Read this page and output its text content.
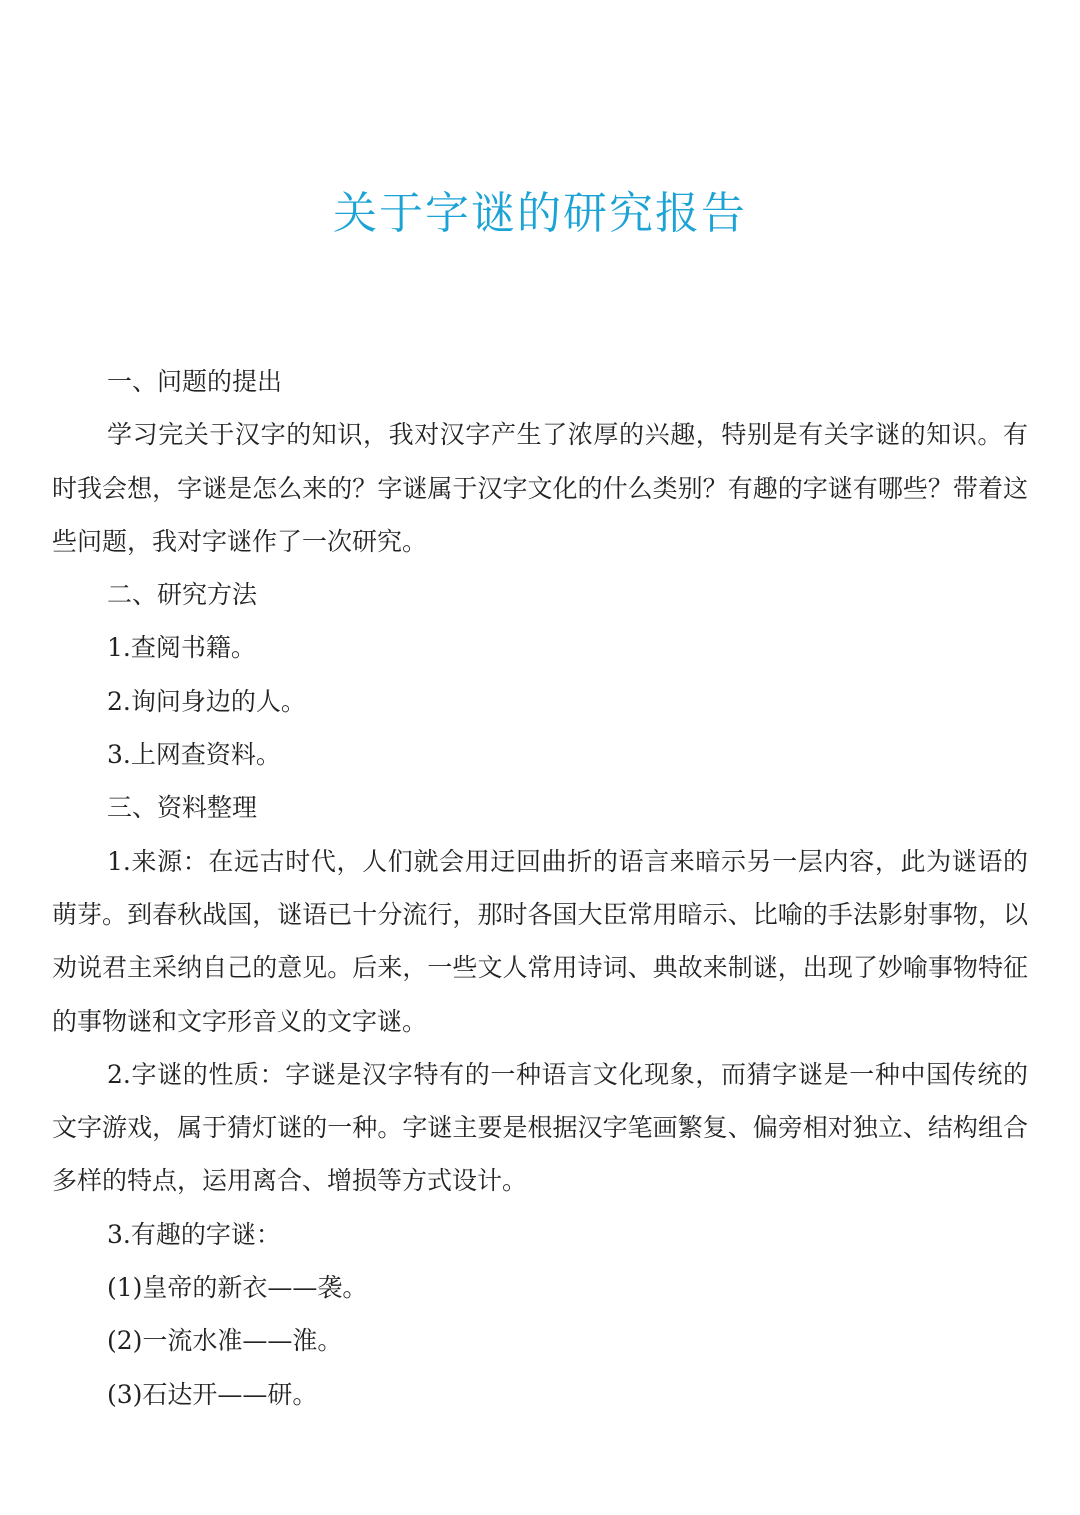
关于字谜的研究报告

一、问题的提出

学习完关于汉字的知识，我对汉字产生了浓厚的兴趣，特别是有关字谜的知识。有时我会想，字谜是怎么来的？字谜属于汉字文化的什么类别？有趣的字谜有哪些？带着这些问题，我对字谜作了一次研究。

二、研究方法

1.查阅书籍。

2.询问身边的人。

3.上网查资料。

三、资料整理

1.来源：在远古时代，人们就会用迂回曲折的语言来暗示另一层内容，此为谜语的萌芽。到春秋战国，谜语已十分流行，那时各国大臣常用暗示、比喻的手法影射事物，以劝说君主采纳自己的意见。后来，一些文人常用诗词、典故来制谜，出现了妙喻事物特征的事物谜和文字形音义的文字谜。

2.字谜的性质：字谜是汉字特有的一种语言文化现象，而猜字谜是一种中国传统的文字游戏，属于猜灯谜的一种。字谜主要是根据汉字笔画繁复、偏旁相对独立、结构组合多样的特点，运用离合、增损等方式设计。

3.有趣的字谜：

(1)皇帝的新衣——袭。

(2)一流水准——淮。

(3)石达开——研。
